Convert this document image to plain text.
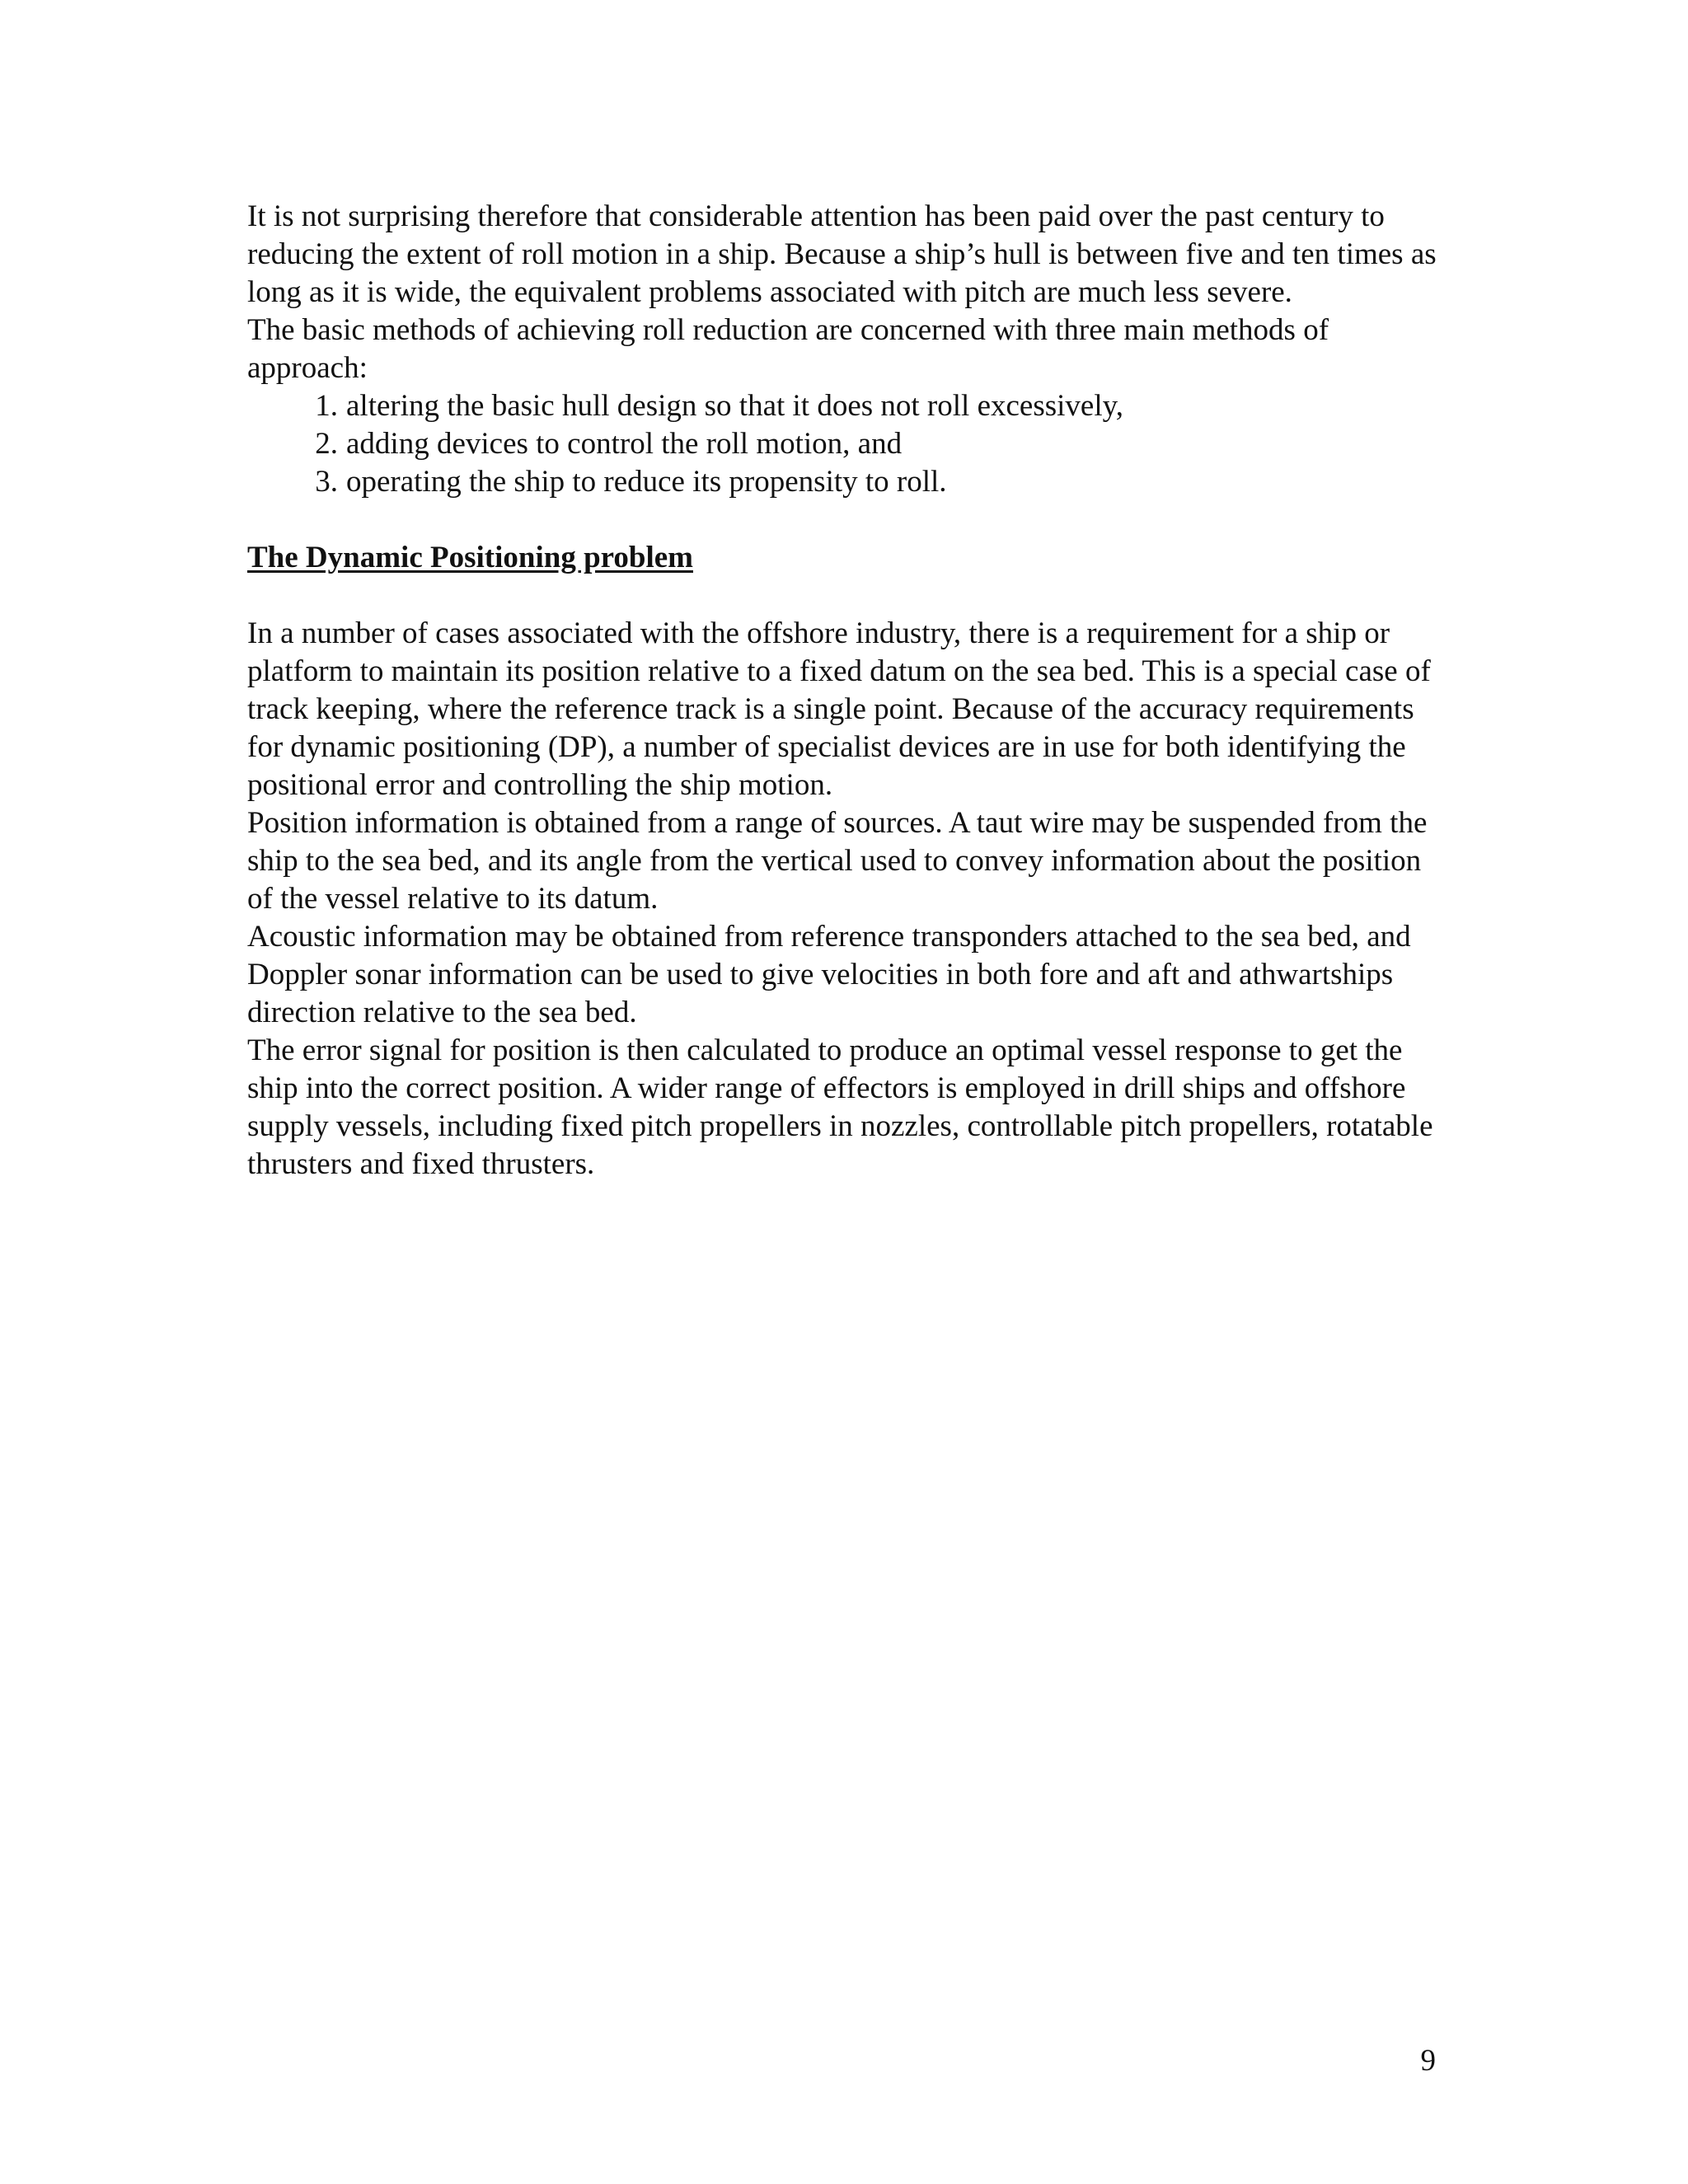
It is not surprising therefore that considerable attention has been paid over the past century to reducing the extent of roll motion in a ship. Because a ship’s hull is between five and ten times as long as it is wide, the equivalent problems associated with pitch are much less severe.

The basic methods of achieving roll reduction are concerned with three main methods of approach:

1. altering the basic hull design so that it does not roll excessively,
2. adding devices to control the roll motion, and
3. operating the ship to reduce its propensity to roll.

The Dynamic Positioning problem

In a number of cases associated with the offshore industry, there is a requirement for a ship or platform to maintain its position relative to a fixed datum on the sea bed. This is a special case of track keeping, where the reference track is a single point. Because of the accuracy requirements for dynamic positioning (DP), a number of specialist devices are in use for both identifying the positional error and controlling the ship motion.

Position information is obtained from a range of sources. A taut wire may be suspended from the ship to the sea bed, and its angle from the vertical used to convey information about the position of the vessel relative to its datum.

Acoustic information may be obtained from reference transponders attached to the sea bed, and Doppler sonar information can be used to give velocities in both fore and aft and athwartships direction relative to the sea bed.

The error signal for position is then calculated to produce an optimal vessel response to get the ship into the correct position. A wider range of effectors is employed in drill ships and offshore supply vessels, including fixed pitch propellers in nozzles, controllable pitch propellers, rotatable thrusters and fixed thrusters.

9
